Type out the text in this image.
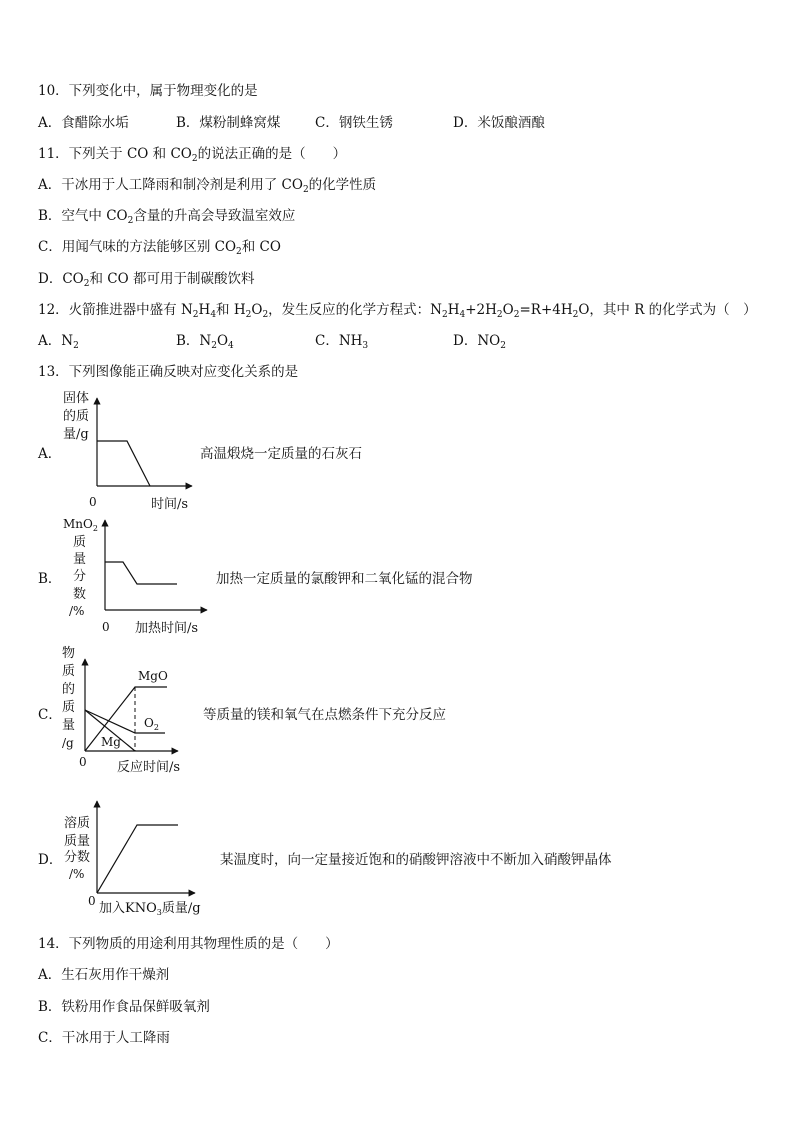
10．下列变化中，属于物理变化的是
A．食醋除水垢	B．煤粉制蜂窝煤	C．钢铁生锈	D．米饭酿酒酿
11．下列关于 CO 和 $CO_2$的说法正确的是（　　）
A．干冰用于人工降雨和制冷剂是利用了 $CO_2$的化学性质
B．空气中 $CO_2$含量的升高会导致温室效应
C．用闻气味的方法能够区别 $CO_2$和 CO
D．$CO_2$和 CO 都可用于制碳酸饮料
12．火箭推进器中盛有 $N_2H_4$和 $H_2O_2$，发生反应的化学方程式：$N_2H_4+2H_2O_2=R+4H_2O$，其中 R 的化学式为（　）
A．$N_2$	B．$N_2O_4$	C．$NH_3$	D．$NO_2$
13．下列图像能正确反映对应变化关系的是
A．
固体
的质
量/g
0	时间/s
高温煅烧一定质量的石灰石
B．
MnO$_2$
质
量
分
数
/%
0 加热时间/s
加热一定质量的氯酸钾和二氧化锰的混合物
C．
MgO
$O_2$
Mg
物
质
的
质
量
/g
0 反应时间/s
等质量的镁和氧气在点燃条件下充分反应
D．
溶质
质量
分数
/%
0 加入$KNO_3$质量/g
某温度时，向一定量接近饱和的硝酸钾溶液中不断加入硝酸钾晶体
14．下列物质的用途利用其物理性质的是（　　）
A．生石灰用作干燥剂
B．铁粉用作食品保鲜吸氧剂
C．干冰用于人工降雨
